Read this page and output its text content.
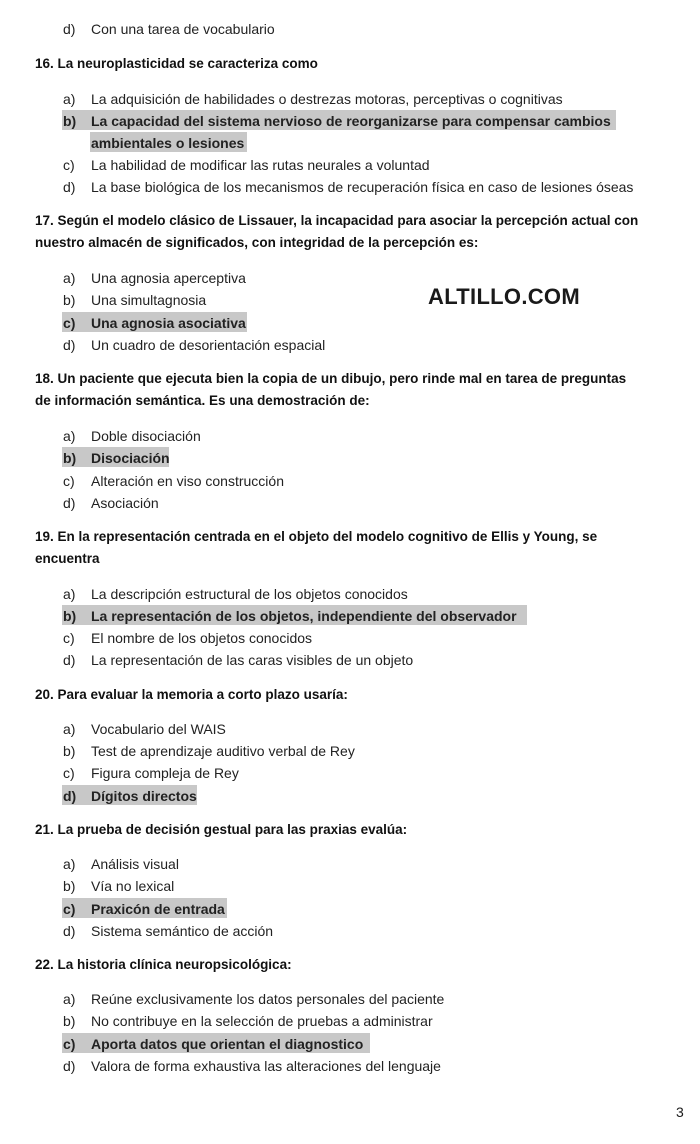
d)	Con una tarea de vocabulario
16. La neuroplasticidad se caracteriza como
a)	La adquisición de habilidades o destrezas motoras, perceptivas o cognitivas
b)	La capacidad del sistema nervioso de reorganizarse para compensar cambios
ambientales o lesiones
c)	La habilidad de modificar las rutas neurales a voluntad
d)	La base biológica de los mecanismos de recuperación física en caso de lesiones óseas
17. Según el modelo clásico de Lissauer, la incapacidad para asociar la percepción actual con
nuestro almacén de significados, con integridad de la percepción es:
a)	Una agnosia aperceptiva
b)	Una simultagnosia
c)	Una agnosia asociativa
d)	Un cuadro de desorientación espacial
ALTILLO.COM
18. Un paciente que ejecuta bien la copia de un dibujo, pero rinde mal en tarea de preguntas
de información semántica. Es una demostración de:
a)	Doble disociación
b)	Disociación
c)	Alteración en viso construcción
d)	Asociación
19. En la representación centrada en el objeto del modelo cognitivo de Ellis y Young, se
encuentra
a)	La descripción estructural de los objetos conocidos
b)	La representación de los objetos, independiente del observador
c)	El nombre de los objetos conocidos
d)	La representación de las caras visibles de un objeto
20. Para evaluar la memoria a corto plazo usaría:
a)	Vocabulario del WAIS
b)	Test de aprendizaje auditivo verbal de Rey
c)	Figura compleja de Rey
d)	Dígitos directos
21. La prueba de decisión gestual para las praxias evalúa:
a)	Análisis visual
b)	Vía no lexical
c)	Praxicón de entrada
d)	Sistema semántico de acción
22. La historia clínica neuropsicológica:
a)	Reúne exclusivamente los datos personales del paciente
b)	No contribuye en la selección de pruebas a administrar
c)	Aporta datos que orientan el diagnostico
d)	Valora de forma exhaustiva las alteraciones del lenguaje
3
